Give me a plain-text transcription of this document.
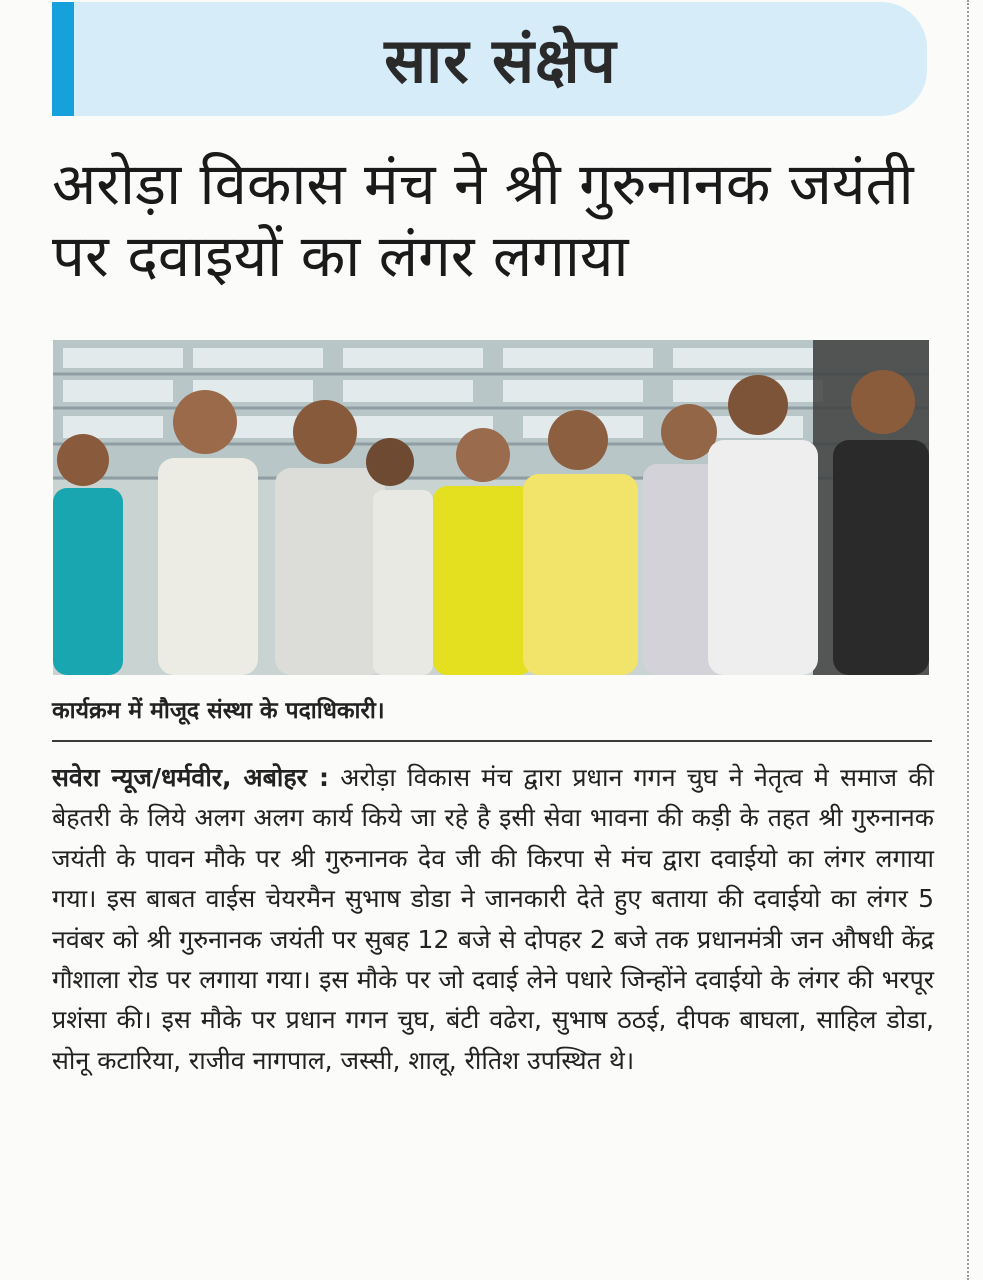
सार संक्षेप
अरोड़ा विकास मंच ने श्री गुरुनानक जयंती पर दवाइयों का लंगर लगाया
कार्यक्रम में मौजूद संस्था के पदाधिकारी।

सवेरा न्यूज/धर्मवीर, अबोहर : अरोड़ा विकास मंच द्वारा प्रधान गगन चुघ ने नेतृत्व मे समाज की बेहतरी के लिये अलग अलग कार्य किये जा रहे है इसी सेवा भावना की कड़ी के तहत श्री गुरुनानक जयंती के पावन मौके पर श्री गुरुनानक देव जी की किरपा से मंच द्वारा दवाईयो का लंगर लगाया गया। इस बाबत वाईस चेयरमैन सुभाष डोडा ने जानकारी देते हुए बताया की दवाईयो का लंगर 5 नवंबर को श्री गुरुनानक जयंती पर सुबह 12 बजे से दोपहर 2 बजे तक प्रधानमंत्री जन औषधी केंद्र गौशाला रोड पर लगाया गया। इस मौके पर जो दवाई लेने पधारे जिन्होंने दवाईयो के लंगर की भरपूर प्रशंसा की। इस मौके पर प्रधान गगन चुघ, बंटी वढेरा, सुभाष ठठई, दीपक बाघला, साहिल डोडा, सोनू कटारिया, राजीव नागपाल, जस्सी, शालू, रीतिश उपस्थित थे।
